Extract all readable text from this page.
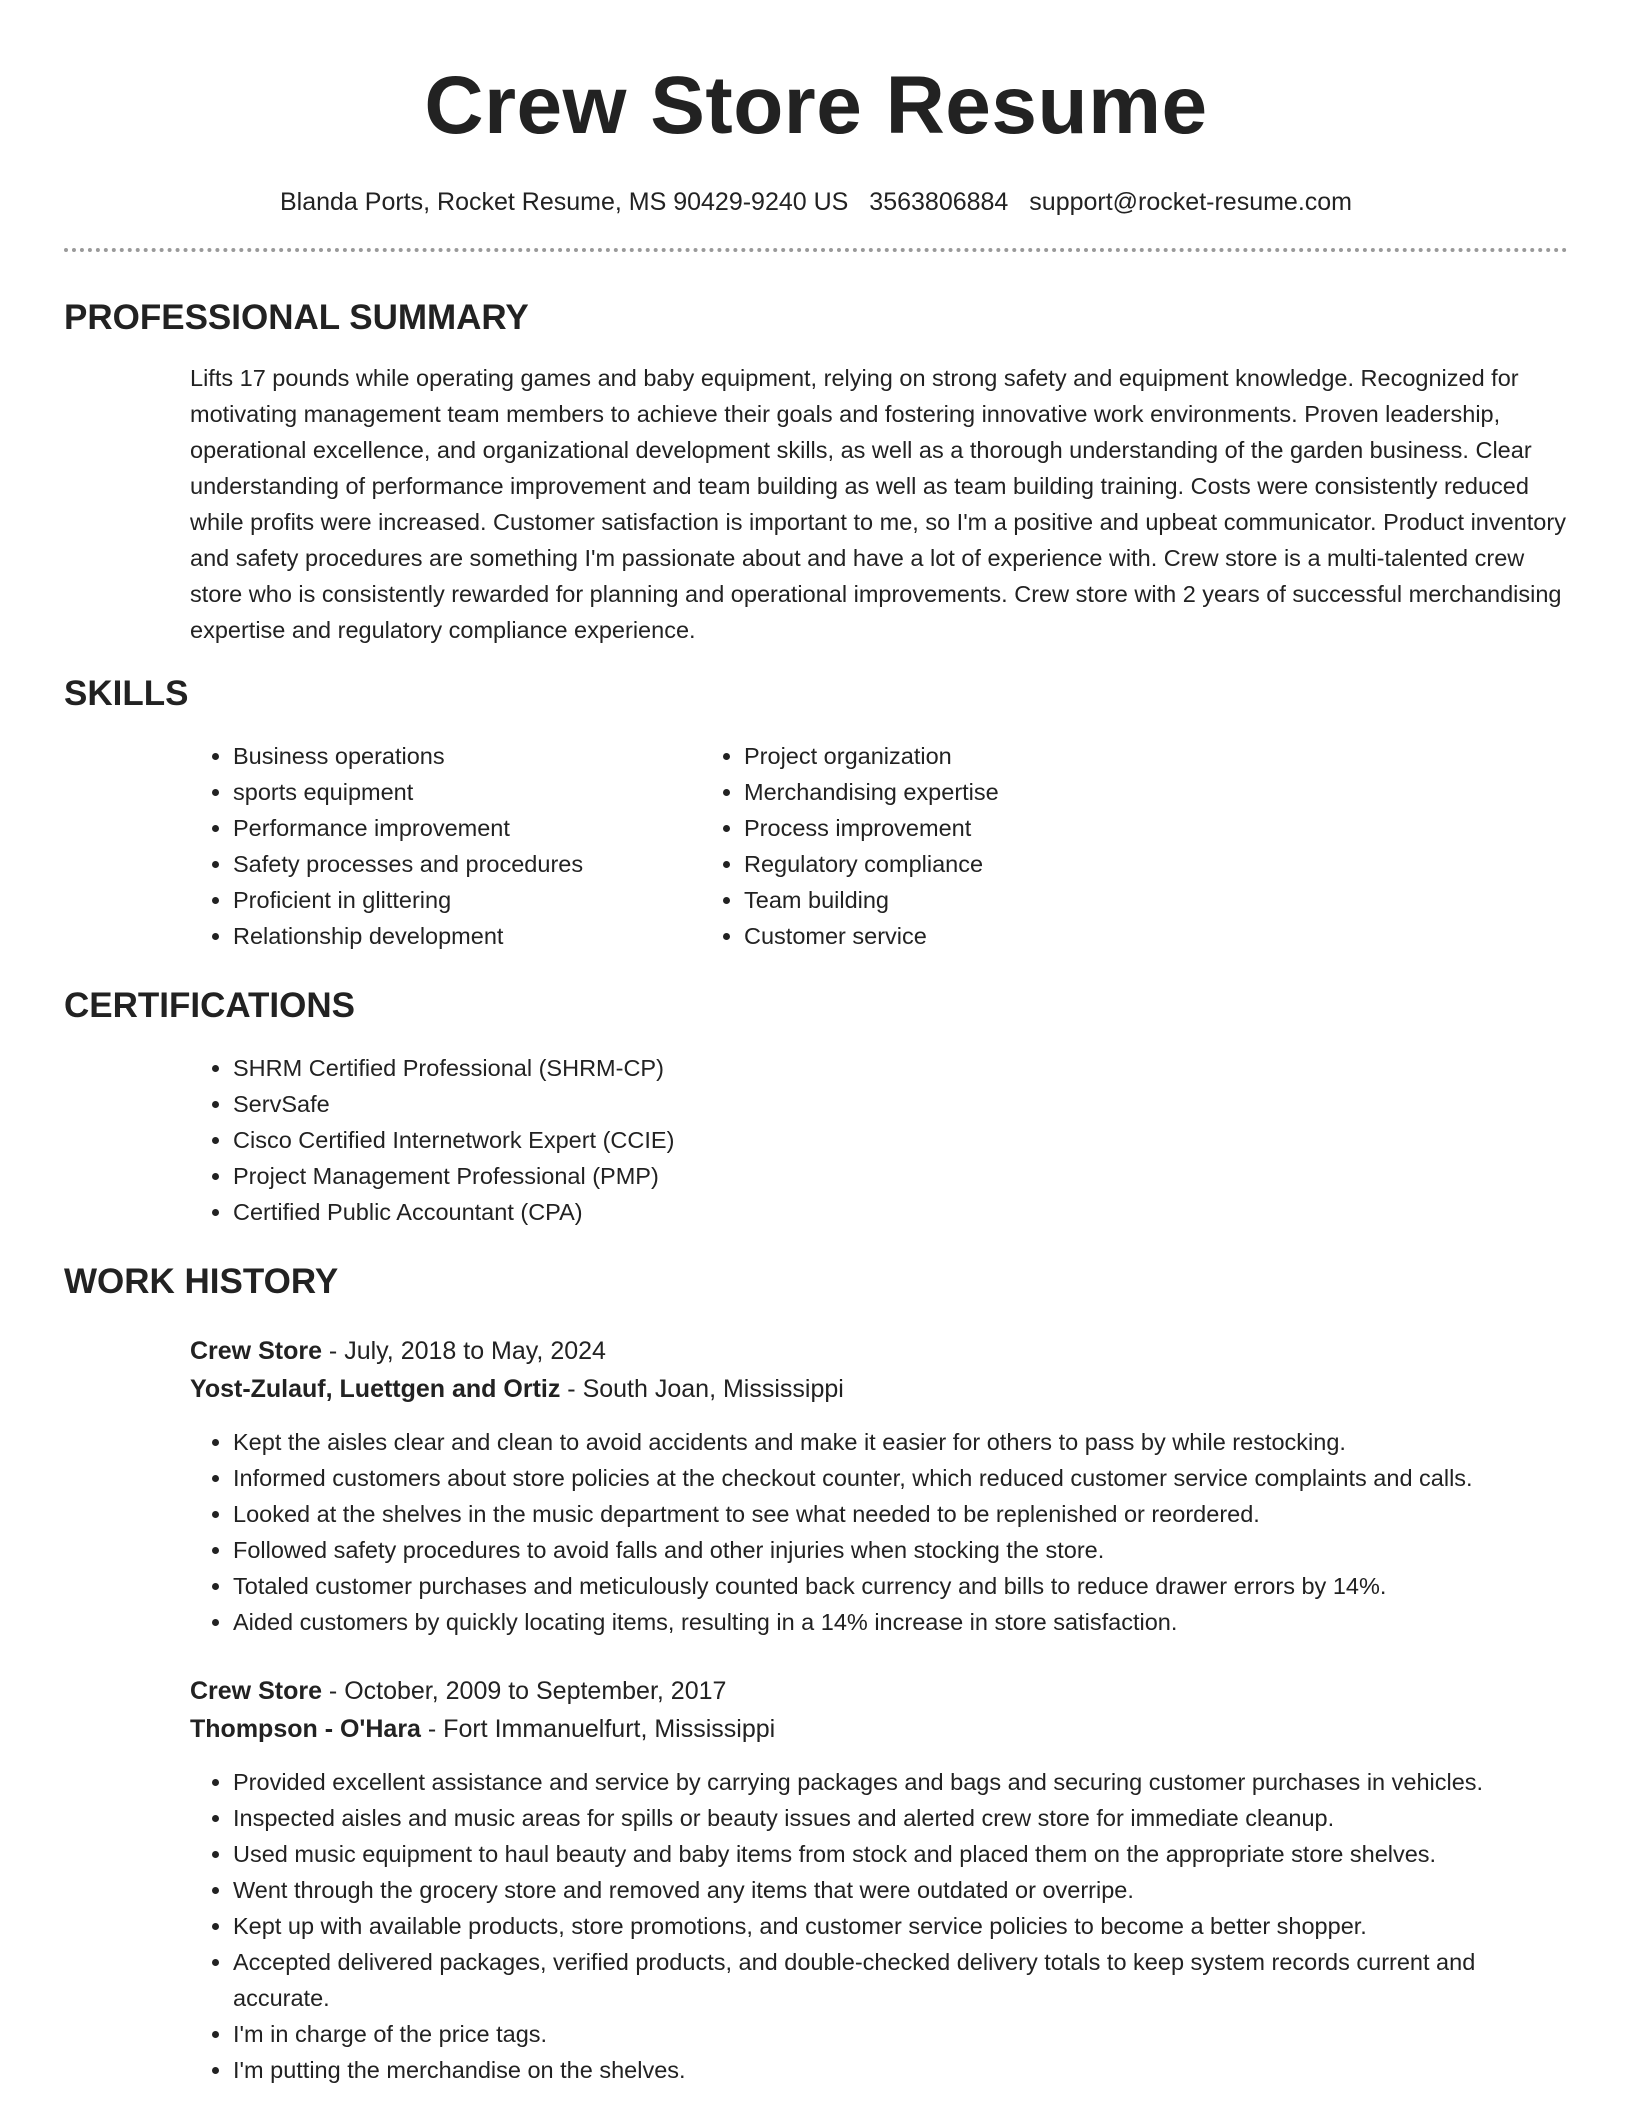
Crew Store Resume
Blanda Ports, Rocket Resume, MS 90429-9240 US 3563806884 support@rocket-resume.com
PROFESSIONAL SUMMARY

Lifts 17 pounds while operating games and baby equipment, relying on strong safety and equipment knowledge. Recognized for motivating management team members to achieve their goals and fostering innovative work environments. Proven leadership, operational excellence, and organizational development skills, as well as a thorough understanding of the garden business. Clear understanding of performance improvement and team building as well as team building training. Costs were consistently reduced while profits were increased. Customer satisfaction is important to me, so I'm a positive and upbeat communicator. Product inventory and safety procedures are something I'm passionate about and have a lot of experience with. Crew store is a multi-talented crew store who is consistently rewarded for planning and operational improvements. Crew store with 2 years of successful merchandising expertise and regulatory compliance experience.

SKILLS
• Business operations
• sports equipment
• Performance improvement
• Safety processes and procedures
• Proficient in glittering
• Relationship development
• Project organization
• Merchandising expertise
• Process improvement
• Regulatory compliance
• Team building
• Customer service
CERTIFICATIONS
• SHRM Certified Professional (SHRM-CP)
• ServSafe
• Cisco Certified Internetwork Expert (CCIE)
• Project Management Professional (PMP)
• Certified Public Accountant (CPA)
WORK HISTORY
Crew Store - July, 2018 to May, 2024
Yost-Zulauf, Luettgen and Ortiz - South Joan, Mississippi
• Kept the aisles clear and clean to avoid accidents and make it easier for others to pass by while restocking.
• Informed customers about store policies at the checkout counter, which reduced customer service complaints and calls.
• Looked at the shelves in the music department to see what needed to be replenished or reordered.
• Followed safety procedures to avoid falls and other injuries when stocking the store.
• Totaled customer purchases and meticulously counted back currency and bills to reduce drawer errors by 14%.
• Aided customers by quickly locating items, resulting in a 14% increase in store satisfaction.
Crew Store - October, 2009 to September, 2017
Thompson - O'Hara - Fort Immanuelfurt, Mississippi
• Provided excellent assistance and service by carrying packages and bags and securing customer purchases in vehicles.
• Inspected aisles and music areas for spills or beauty issues and alerted crew store for immediate cleanup.
• Used music equipment to haul beauty and baby items from stock and placed them on the appropriate store shelves.
• Went through the grocery store and removed any items that were outdated or overripe.
• Kept up with available products, store promotions, and customer service policies to become a better shopper.
• Accepted delivered packages, verified products, and double-checked delivery totals to keep system records current and accurate.
• I'm in charge of the price tags.
• I'm putting the merchandise on the shelves.
